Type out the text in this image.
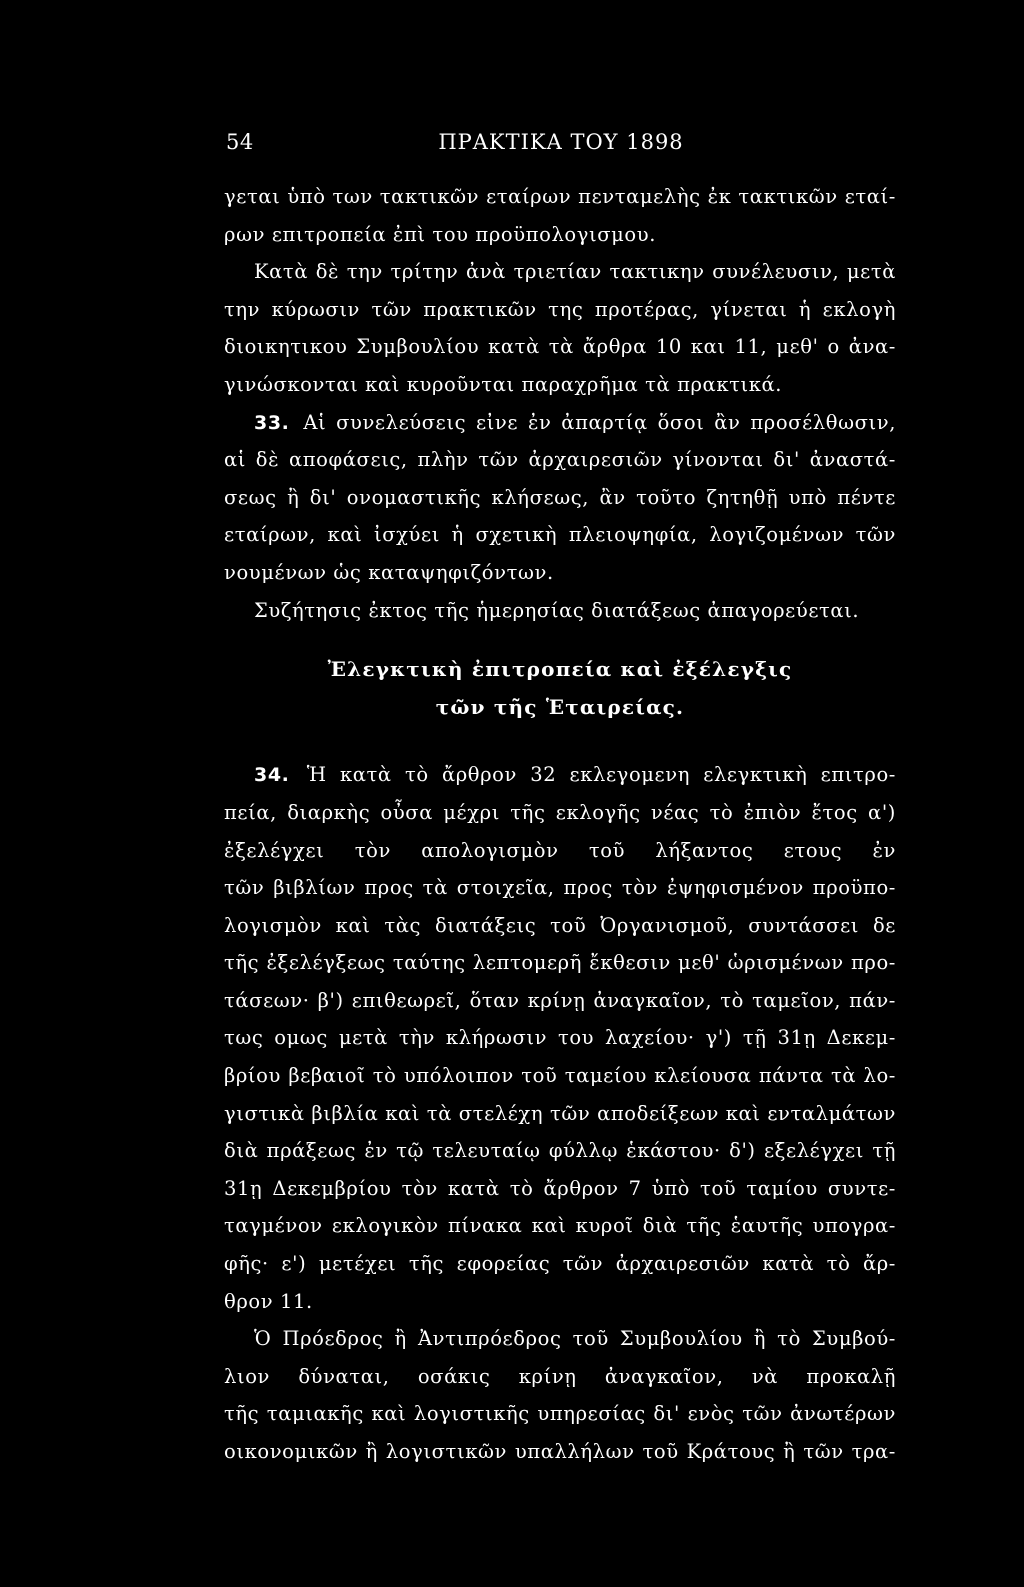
54	ΠΡΑΚΤΙΚΑ ΤΟΥ 1898
γεται ὑπὸ των τακτικῶν εταίρων πενταμελὴς ἐκ τακτικῶν εταί-
ρων επιτροπεία ἐπὶ του προϋπολογισμου.
Κατὰ δὲ την τρίτην ἀνὰ τριετίαν τακτικην συνέλευσιν, μετὰ
την κύρωσιν τῶν πρακτικῶν της προτέρας, γίνεται ἡ εκλογὴ
διοικητικου Συμβουλίου κατὰ τὰ ἄρθρα 10 και 11, μεθ' ο ἀνα-
γινώσκονται καὶ κυροῦνται παραχρῆμα τὰ πρακτικά.
33. Αἱ συνελεύσεις εἰνε ἐν ἀπαρτίᾳ ὅσοι ἂν προσέλθωσιν,
αἱ δὲ αποφάσεις, πλὴν τῶν ἀρχαιρεσιῶν γίνονται δι' ἀναστά-
σεως ἢ δι' ονομαστικῆς κλήσεως, ἂν τοῦτο ζητηθῇ υπὸ πέντε
εταίρων, καὶ ἰσχύει ἡ σχετικὴ πλειοψηφία, λογιζομένων τῶν
νουμένων ὡς καταψηφιζόντων.
Συζήτησις ἐκτος τῆς ἡμερησίας διατάξεως ἀπαγορεύεται.
Ἐλεγκτικὴ ἐπιτροπεία καὶ ἐξέλεγξις
τῶν τῆς Ἑταιρείας.
34. Ἡ κατὰ τὸ ἄρθρον 32 εκλεγομενη ελεγκτικὴ επιτρο-
πεία, διαρκὴς οὖσα μέχρι τῆς εκλογῆς νέας τὸ ἐπιὸν ἔτος α')
ἐξελέγχει τὸν απολογισμὸν τοῦ λήξαντος ετους ἐν
τῶν βιβλίων προς τὰ στοιχεῖα, προς τὸν ἐψηφισμένον προϋπο-
λογισμὸν καὶ τὰς διατάξεις τοῦ Ὀργανισμοῦ, συντάσσει δε
τῆς ἐξελέγξεως ταύτης λεπτομερῆ ἔκθεσιν μεθ' ὡρισμένων προ-
τάσεων· β') επιθεωρεῖ, ὅταν κρίνῃ ἀναγκαῖον, τὸ ταμεῖον, πάν-
τως ομως μετὰ τὴν κλήρωσιν του λαχείου· γ') τῇ 31ῃ Δεκεμ-
βρίου βεβαιοῖ τὸ υπόλοιπον τοῦ ταμείου κλείουσα πάντα τὰ λο-
γιστικὰ βιβλία καὶ τὰ στελέχη τῶν αποδείξεων καὶ ενταλμάτων
διὰ πράξεως ἐν τῷ τελευταίῳ φύλλῳ ἑκάστου· δ') εξελέγχει τῇ
31ῃ Δεκεμβρίου τὸν κατὰ τὸ ἄρθρον 7 ὑπὸ τοῦ ταμίου συντε-
ταγμένον εκλογικὸν πίνακα καὶ κυροῖ διὰ τῆς ἑαυτῆς υπογρα-
φῆς· ε') μετέχει τῆς εφορείας τῶν ἀρχαιρεσιῶν κατὰ τὸ ἄρ-
θρον 11.
Ὁ Πρόεδρος ἢ Ἀντιπρόεδρος τοῦ Συμβουλίου ἢ τὸ Συμβού-
λιον δύναται, οσάκις κρίνῃ ἀναγκαῖον, νὰ προκαλῇ
τῆς ταμιακῆς καὶ λογιστικῆς υπηρεσίας δι' ενὸς τῶν ἀνωτέρων
οικονομικῶν ἢ λογιστικῶν υπαλλήλων τοῦ Κράτους ἢ τῶν τρα-
